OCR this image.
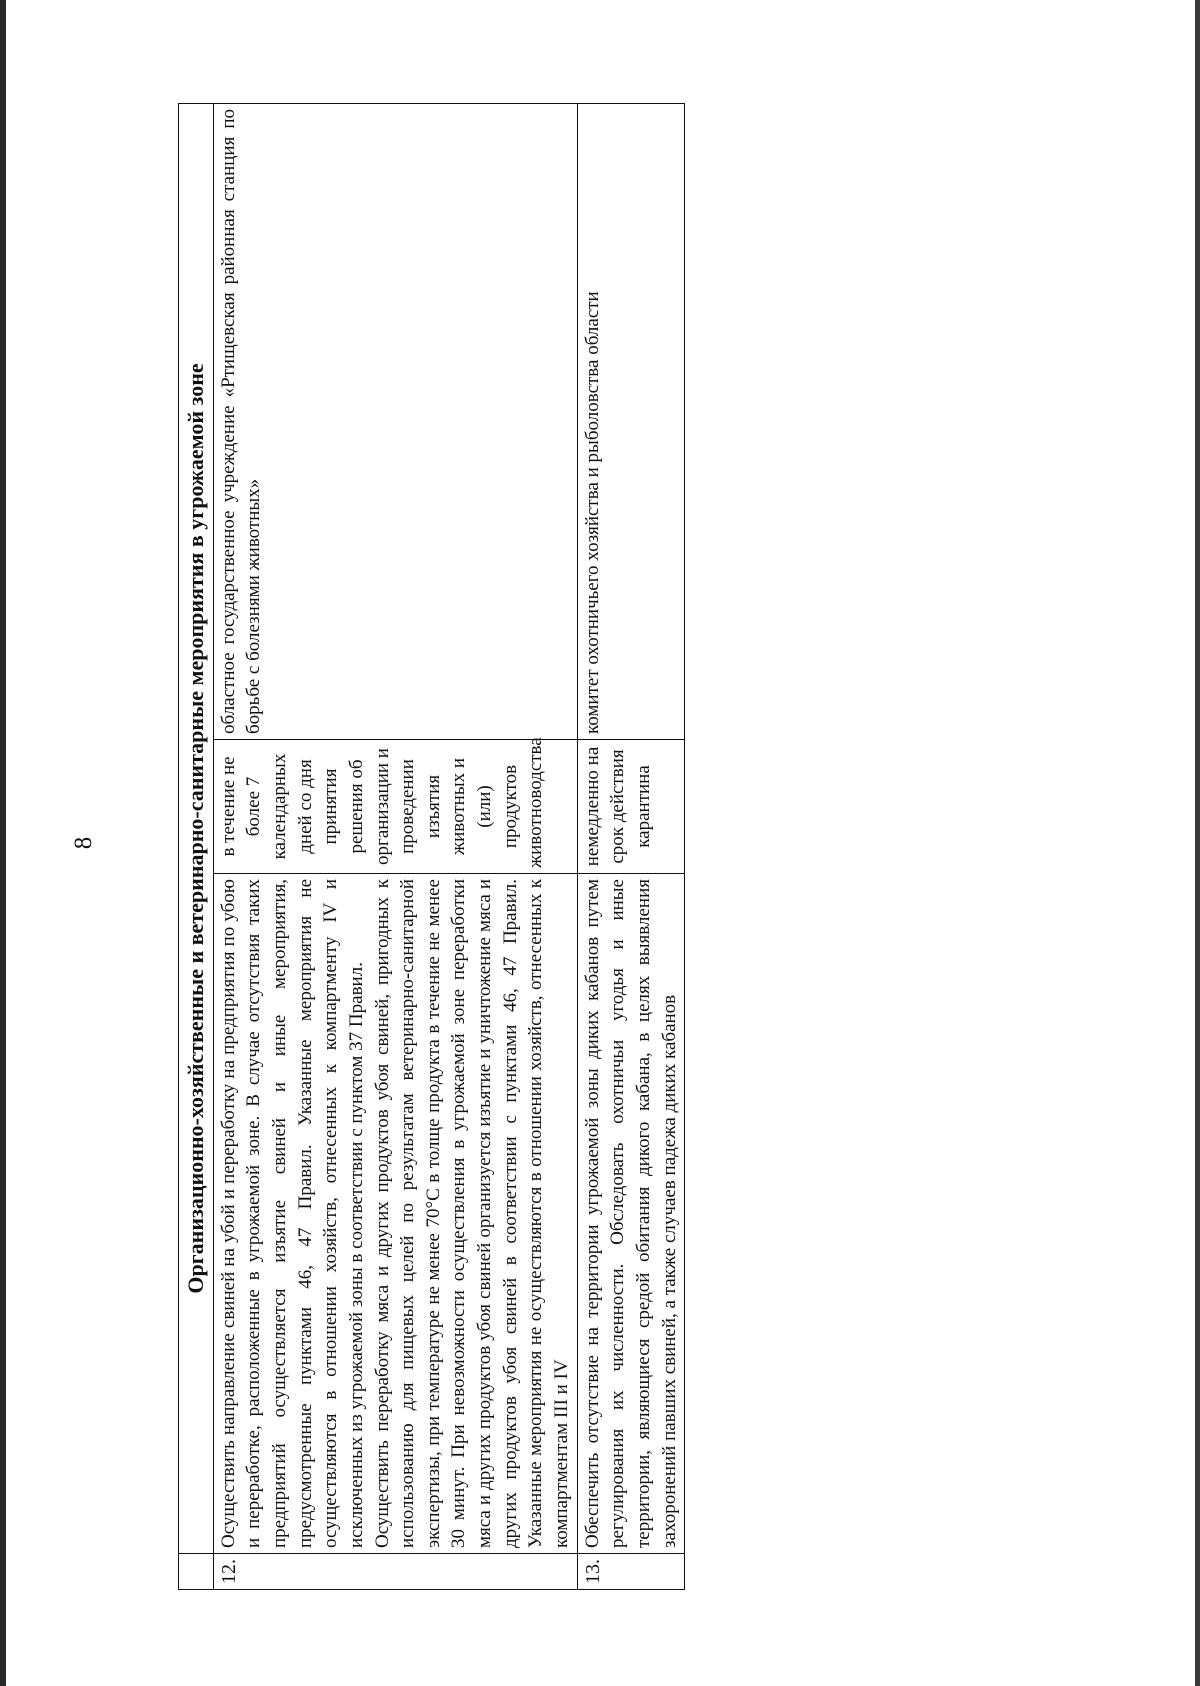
8
		Организационно-хозяйственные и ветеринарно-санитарные мероприятия в угрожаемой зоне		
12.	Осуществить направление свиней на убой и переработку на предприятия по убою и переработке, расположенные в угрожаемой зоне. В случае отсутствия таких предприятий осуществляется изъятие свиней и иные мероприятия, предусмотренные пунктами 46, 47 Правил. Указанные мероприятия не осуществляются в отношении хозяйств, отнесенных к компартменту IV и исключенных из угрожаемой зоны в соответствии с пунктом 37 Правил. Осуществить переработку мяса и других продуктов убоя свиней, пригодных к использованию для пищевых целей по результатам ветеринарно-санитарной экспертизы, при температуре не менее 70°С в толще продукта в течение не менее 30 минут. При невозможности осуществления в угрожаемой зоне переработки мяса и других продуктов убоя свиней организуется изъятие и уничтожение мяса и других продуктов убоя свиней в соответствии с пунктами 46, 47 Правил. Указанные мероприятия не осуществляются в отношении хозяйств, отнесенных к компартментам III и IV	в течение не более 7 календарных дней со дня принятия решения об организации и проведении изъятия животных и (или) продуктов животноводства	областное государственное учреждение «Ртищевская районная станция по борьбе с болезнями животных»
13.	Обеспечить отсутствие на территории угрожаемой зоны диких кабанов путем регулирования их численности. Обследовать охотничьи угодья и иные территории, являющиеся средой обитания дикого кабана, в целях выявления захоронений павших свиней, а также случаев падежа диких кабанов	немедленно на срок действия карантина	комитет охотничьего хозяйства и рыболовства области
